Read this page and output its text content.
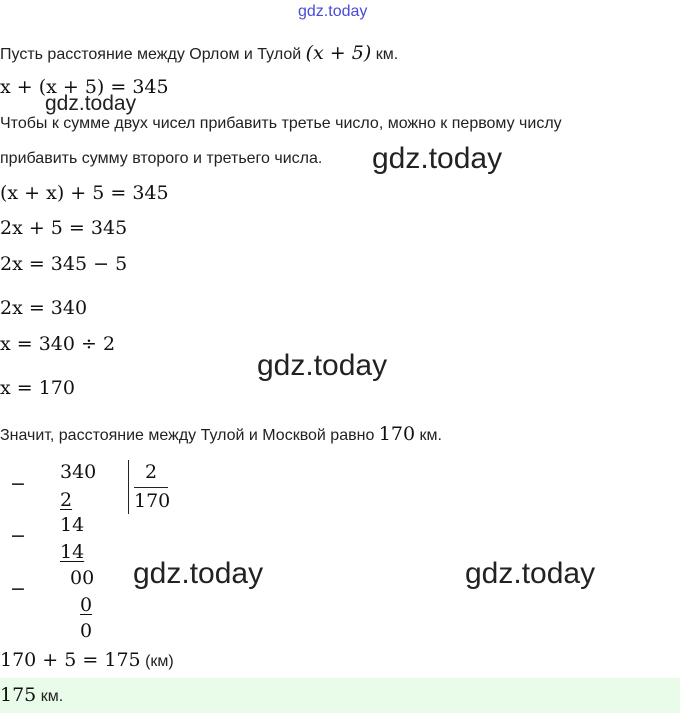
gdz.today
gdz.today
gdz.today
gdz.today
gdz.today	gdz.today
Пусть расстояние между Орлом и Тулой (x + 5) км.
x + (x + 5) = 345
Чтобы к сумме двух чисел прибавить третье число, можно к первому числу
прибавить сумму второго и третьего числа.
(x + x) + 5 = 345
2x + 5 = 345
2x = 345 − 5
2x = 340
x = 340 ÷ 2
x = 170
Значит, расстояние между Тулой и Москвой равно 170 км.
−
−
−
340
2
14
14
00
0
0
2
170
170 + 5 = 175 (км)
175 км.
